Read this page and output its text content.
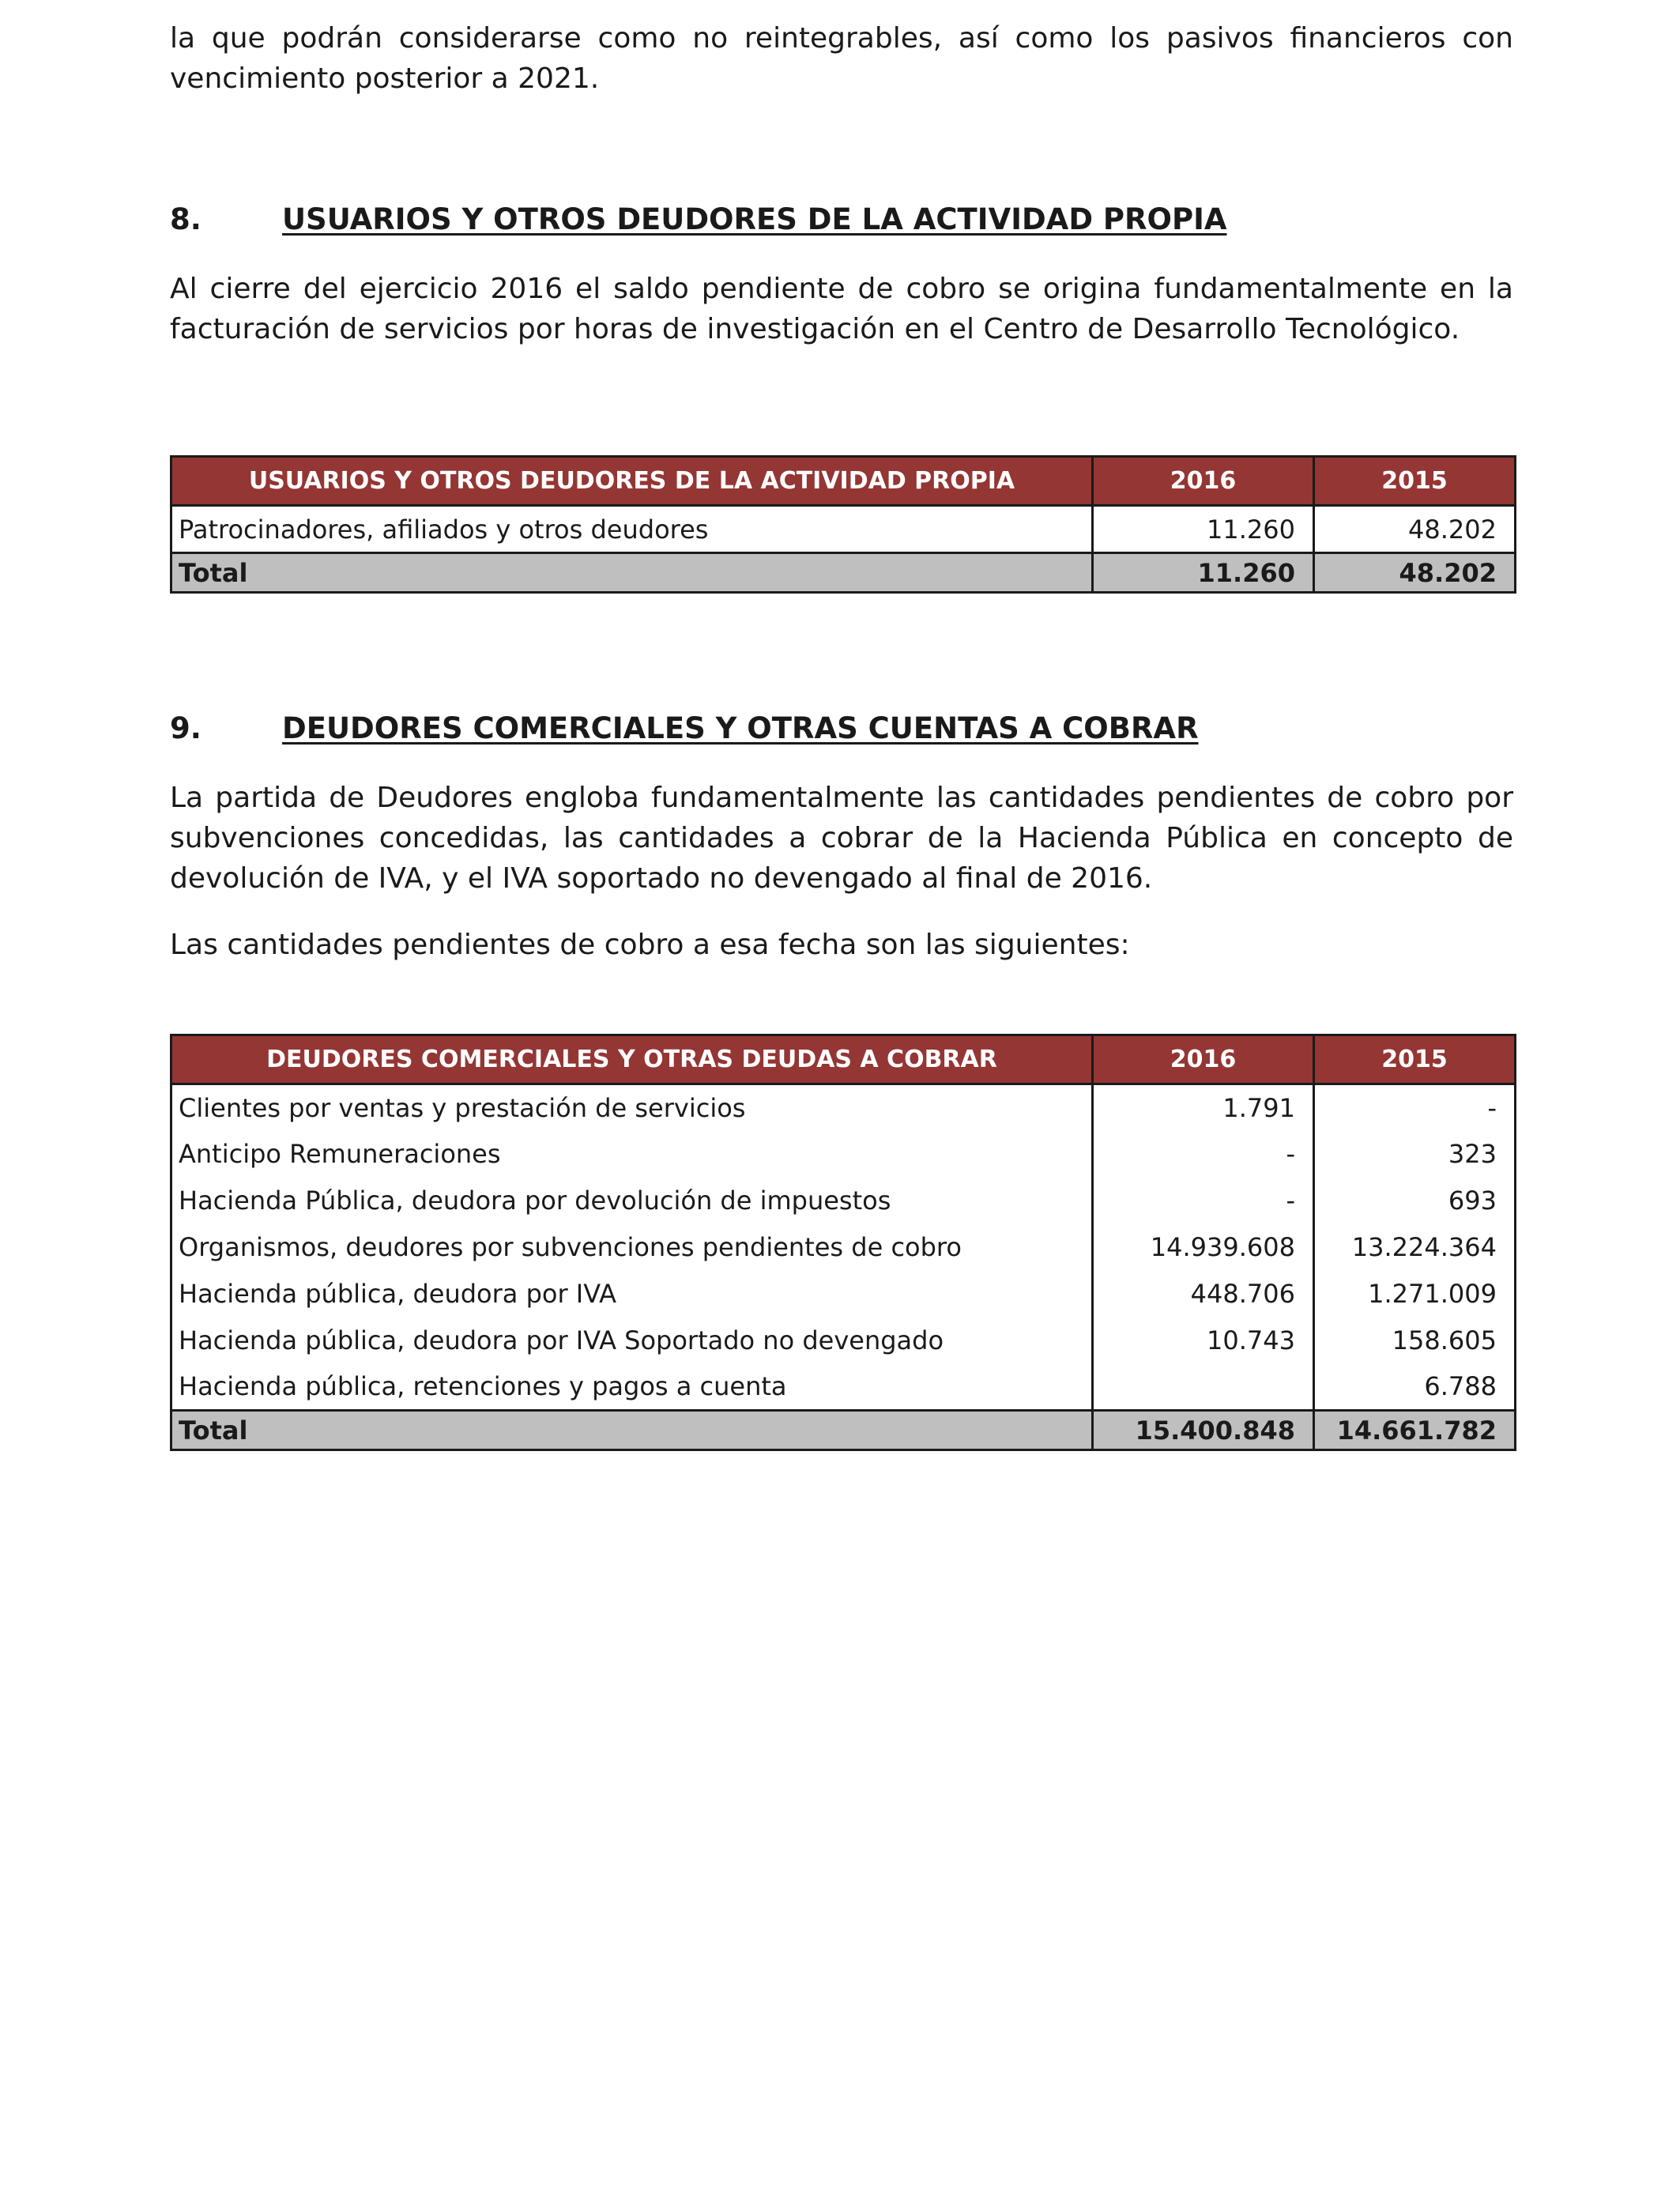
la que podrán considerarse como no reintegrables, así como los pasivos financieros con vencimiento posterior a 2021.

8.	USUARIOS Y OTROS DEUDORES DE LA ACTIVIDAD PROPIA

Al cierre del ejercicio 2016 el saldo pendiente de cobro se origina fundamentalmente en la facturación de servicios por horas de investigación en el Centro de Desarrollo Tecnológico.

USUARIOS Y OTROS DEUDORES DE LA ACTIVIDAD PROPIA	2016	2015
Patrocinadores, afiliados y otros deudores	11.260	48.202
Total	11.260	48.202
9.	DEUDORES COMERCIALES Y OTRAS CUENTAS A COBRAR

La partida de Deudores engloba fundamentalmente las cantidades pendientes de cobro por subvenciones concedidas, las cantidades a cobrar de la Hacienda Pública en concepto de devolución de IVA, y el IVA soportado no devengado al final de 2016.

Las cantidades pendientes de cobro a esa fecha son las siguientes:

DEUDORES COMERCIALES Y OTRAS DEUDAS A COBRAR	2016	2015
Clientes por ventas y prestación de servicios	1.791	-
Anticipo Remuneraciones	-	323
Hacienda Pública, deudora por devolución de impuestos	-	693
Organismos, deudores por subvenciones pendientes de cobro	14.939.608	13.224.364
Hacienda pública, deudora por IVA	448.706	1.271.009
Hacienda pública, deudora por IVA Soportado no devengado	10.743	158.605
Hacienda pública, retenciones y pagos a cuenta		6.788
Total	15.400.848	14.661.782
